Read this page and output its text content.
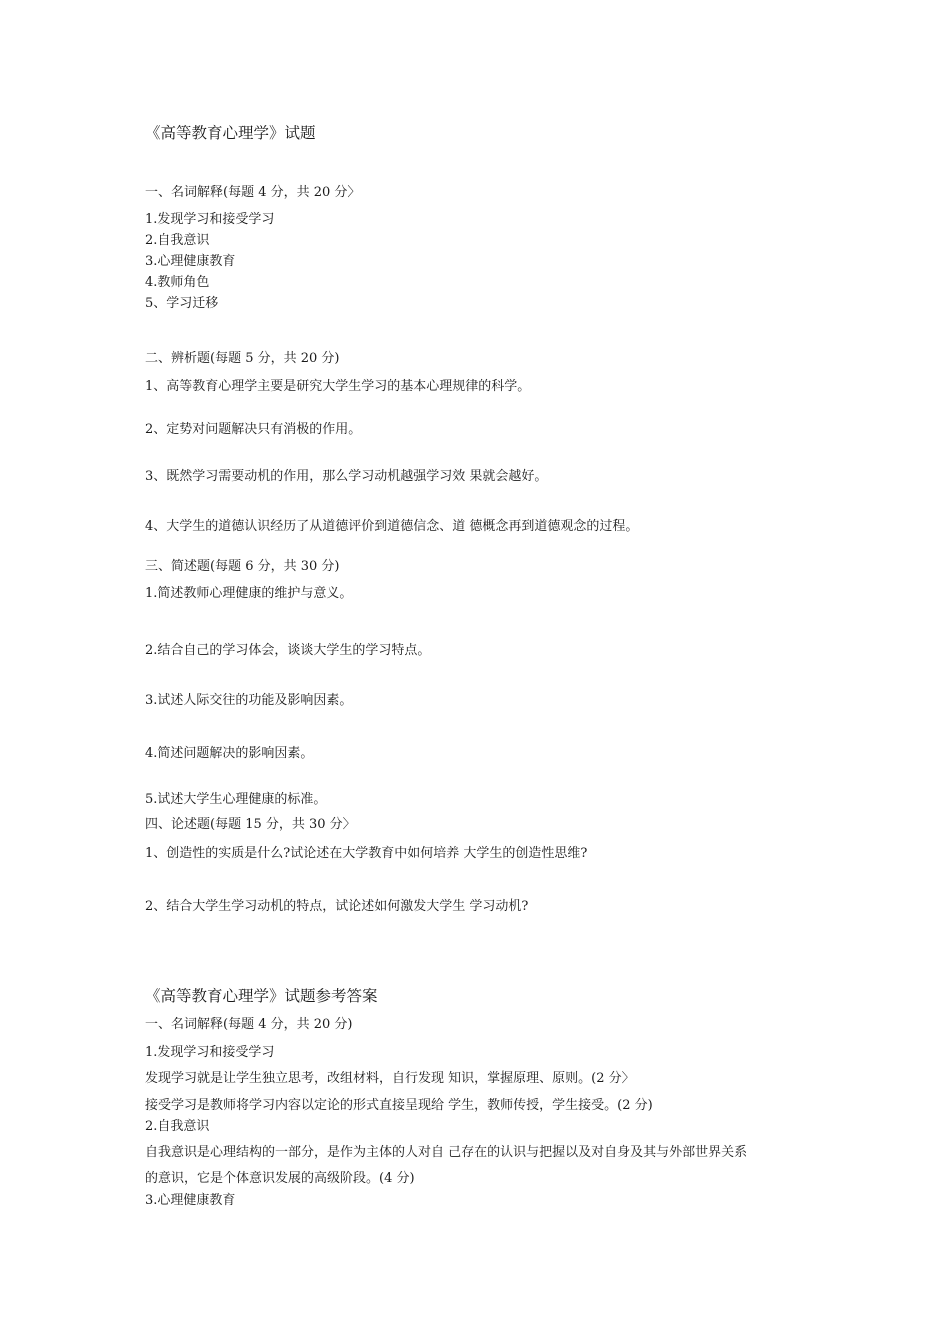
《高等教育心理学》试题
一、名词解释(每题 4 分，共 20 分〉
1.发现学习和接受学习
2.自我意识
3.心理健康教育
4.教师角色
5、学习迁移
二、辨析题(每题 5 分，共 20 分)
1、高等教育心理学主要是研究大学生学习的基本心理规律的科学。
2、定势对问题解决只有消极的作用。
3、既然学习需要动机的作用，那么学习动机越强学习效 果就会越好。
4、大学生的道德认识经历了从道德评价到道德信念、道 德概念再到道德观念的过程。
三、简述题(每题 6 分，共 30 分)
1.简述教师心理健康的维护与意义。
2.结合自己的学习体会，谈谈大学生的学习特点。
3.试述人际交往的功能及影响因素。
4.简述问题解决的影响因素。
5.试述大学生心理健康的标准。
四、论述题(每题 15 分，共 30 分〉
1、创造性的实质是什么?试论述在大学教育中如何培养 大学生的创造性思维?
2、结合大学生学习动机的特点，试论述如何激发大学生 学习动机?
《高等教育心理学》试题参考答案
一、名词解释(每题 4 分，共 20 分)
1.发现学习和接受学习
发现学习就是让学生独立思考，改组材料，自行发现 知识，掌握原理、原则。(2 分〉
接受学习是教师将学习内容以定论的形式直接呈现给 学生，教师传授，学生接受。(2 分)
2.自我意识
自我意识是心理结构的一部分，是作为主体的人对自 己存在的认识与把握以及对自身及其与外部世界关系
的意识，它是个体意识发展的高级阶段。(4 分)
3.心理健康教育
